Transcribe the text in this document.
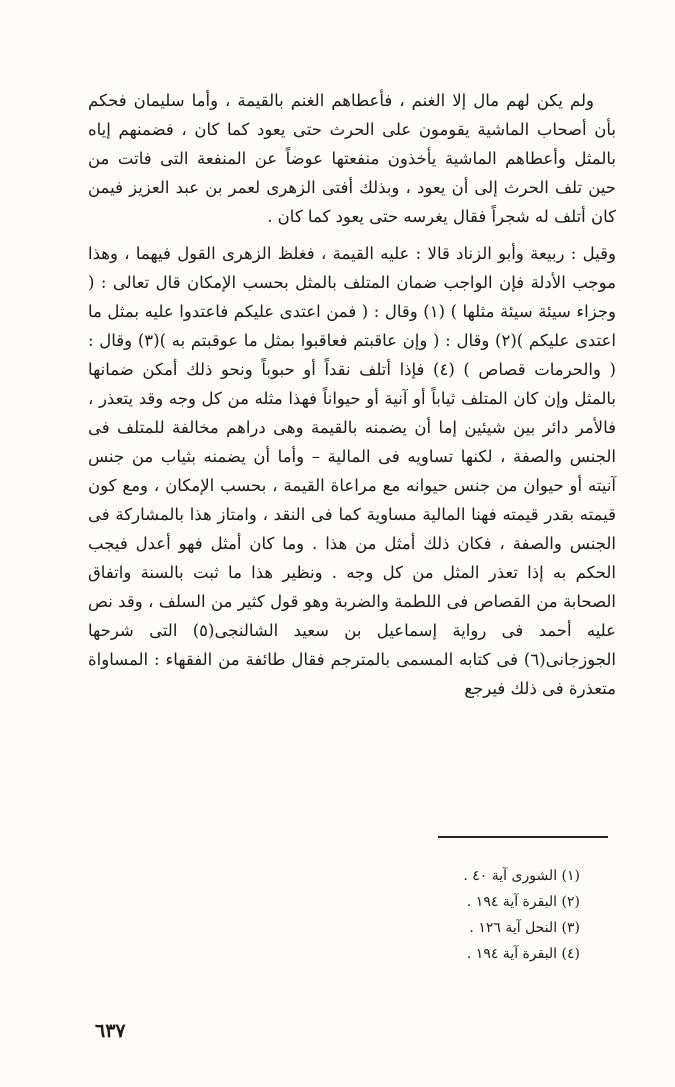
ولم يكن لهم مال إلا الغنم ، فأعطاهم الغنم بالقيمة ، وأما سليمان فحكم بأن أصحاب الماشية يقومون على الحرث حتى يعود كما كان ، فضمنهم إياه بالمثل وأعطاهم الماشية يأخذون منفعتها عوضاً عن المنفعة التى فاتت من حين تلف الحرث إلى أن يعود ، وبذلك أفتى الزهرى لعمر بن عبد العزيز فيمن كان أتلف له شجراً فقال يغرسه حتى يعود كما كان .

وقيل : ربيعة وأبو الزناد قالا : عليه القيمة ، فغلظ الزهرى القول فيهما ، وهذا موجب الأدلة فإن الواجب ضمان المتلف بالمثل بحسب الإمكان قال تعالى : ( وجزاء سيئة سيئة مثلها ) (١) وقال : ( فمن اعتدى عليكم فاعتدوا عليه بمثل ما اعتدى عليكم )(٢) وقال : ( وإن عاقبتم فعاقبوا بمثل ما عوقبتم به )(٣) وقال : ( والحرمات قصاص ) (٤) فإذا أتلف نقداً أو حبوباً ونحو ذلك أمكن ضمانها بالمثل وإن كان المتلف ثياباً أو آنية أو حيواناً فهذا مثله من كل وجه وقد يتعذر ، فالأمر دائر بين شيئين إما أن يضمنه بالقيمة وهى دراهم مخالفة للمتلف فى الجنس والصفة ، لكنها تساويه فى المالية – وأما أن يضمنه بثياب من جنس آنيته أو حيوان من جنس حيوانه مع مراعاة القيمة ، بحسب الإمكان ، ومع كون قيمته بقدر قيمته فهنا المالية مساوية كما فى النقد ، وامتاز هذا بالمشاركة فى الجنس والصفة ، فكان ذلك أمثل من هذا . وما كان أمثل فهو أعدل فيجب الحكم به إذا تعذر المثل من كل وجه . ونظير هذا ما ثبت بالسنة واتفاق الصحابة من القصاص فى اللطمة والضربة وهو قول كثير من السلف ، وقد نص عليه أحمد فى رواية إسماعيل بن سعيد الشالنجى(٥) التى شرحها الجوزجانى(٦) فى كتابه المسمى بالمترجم فقال طائفة من الفقهاء : المساواة متعذرة فى ذلك فيرجع

(١) الشورى آية ٤٠ .
(٢) البقرة آية ١٩٤ .
(٣) النحل آية ١٢٦ .
(٤) البقرة آية ١٩٤ .
٦٣٧
